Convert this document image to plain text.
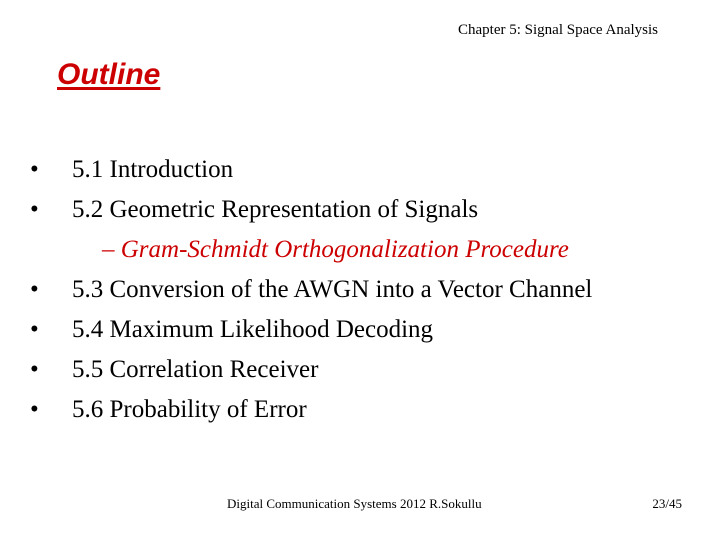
Chapter 5: Signal Space Analysis
Outline
• 5.1 Introduction
• 5.2 Geometric Representation of Signals
– Gram-Schmidt Orthogonalization Procedure
• 5.3 Conversion of the AWGN into a Vector Channel
• 5.4 Maximum Likelihood Decoding
• 5.5 Correlation Receiver
• 5.6 Probability of Error
Digital Communication Systems 2012 R.Sokullu	23/45
